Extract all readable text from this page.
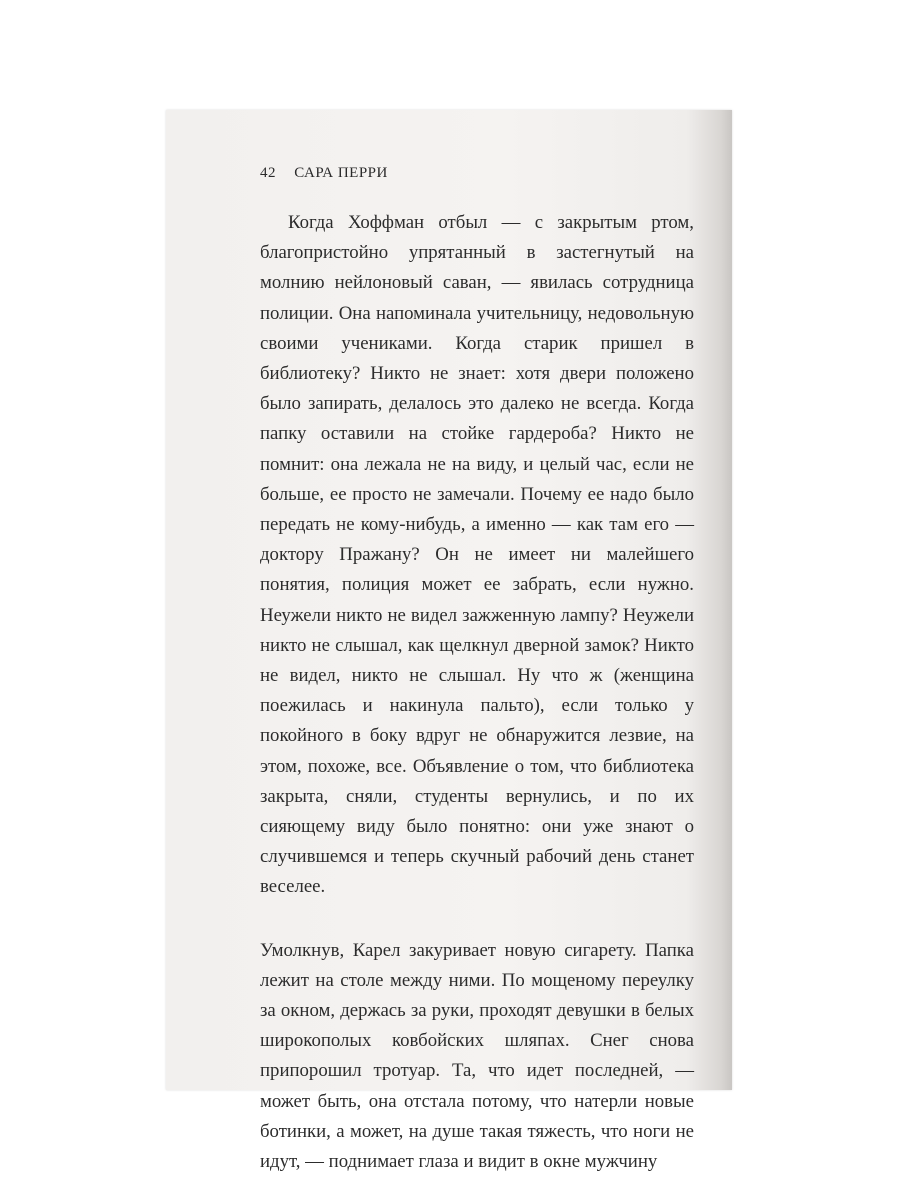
42 САРА ПЕРРИ

Когда Хоффман отбыл — с закрытым ртом, благопристойно упрятанный в застегнутый на молнию нейлоновый саван, — явилась сотрудница полиции. Она напоминала учительницу, недовольную своими учениками. Когда старик пришел в библиотеку? Никто не знает: хотя двери положено было запирать, делалось это далеко не всегда. Когда папку оставили на стойке гардероба? Никто не помнит: она лежала не на виду, и целый час, если не больше, ее просто не замечали. Почему ее надо было передать не кому-нибудь, а именно — как там его — доктору Пражану? Он не имеет ни малейшего понятия, полиция может ее забрать, если нужно. Неужели никто не видел зажженную лампу? Неужели никто не слышал, как щелкнул дверной замок? Никто не видел, никто не слышал. Ну что ж (женщина поежилась и накинула пальто), если только у покойного в боку вдруг не обнаружится лезвие, на этом, похоже, все. Объявление о том, что библиотека закрыта, сняли, студенты вернулись, и по их сияющему виду было понятно: они уже знают о случившемся и теперь скучный рабочий день станет веселее.

Умолкнув, Карел закуривает новую сигарету. Папка лежит на столе между ними. По мощеному переулку за окном, держась за руки, проходят девушки в белых широкополых ковбойских шляпах. Снег снова припорошил тротуар. Та, что идет последней, — может быть, она отстала потому, что натерли новые ботинки, а может, на душе такая тяжесть, что ноги не идут, — поднимает глаза и видит в окне мужчину
